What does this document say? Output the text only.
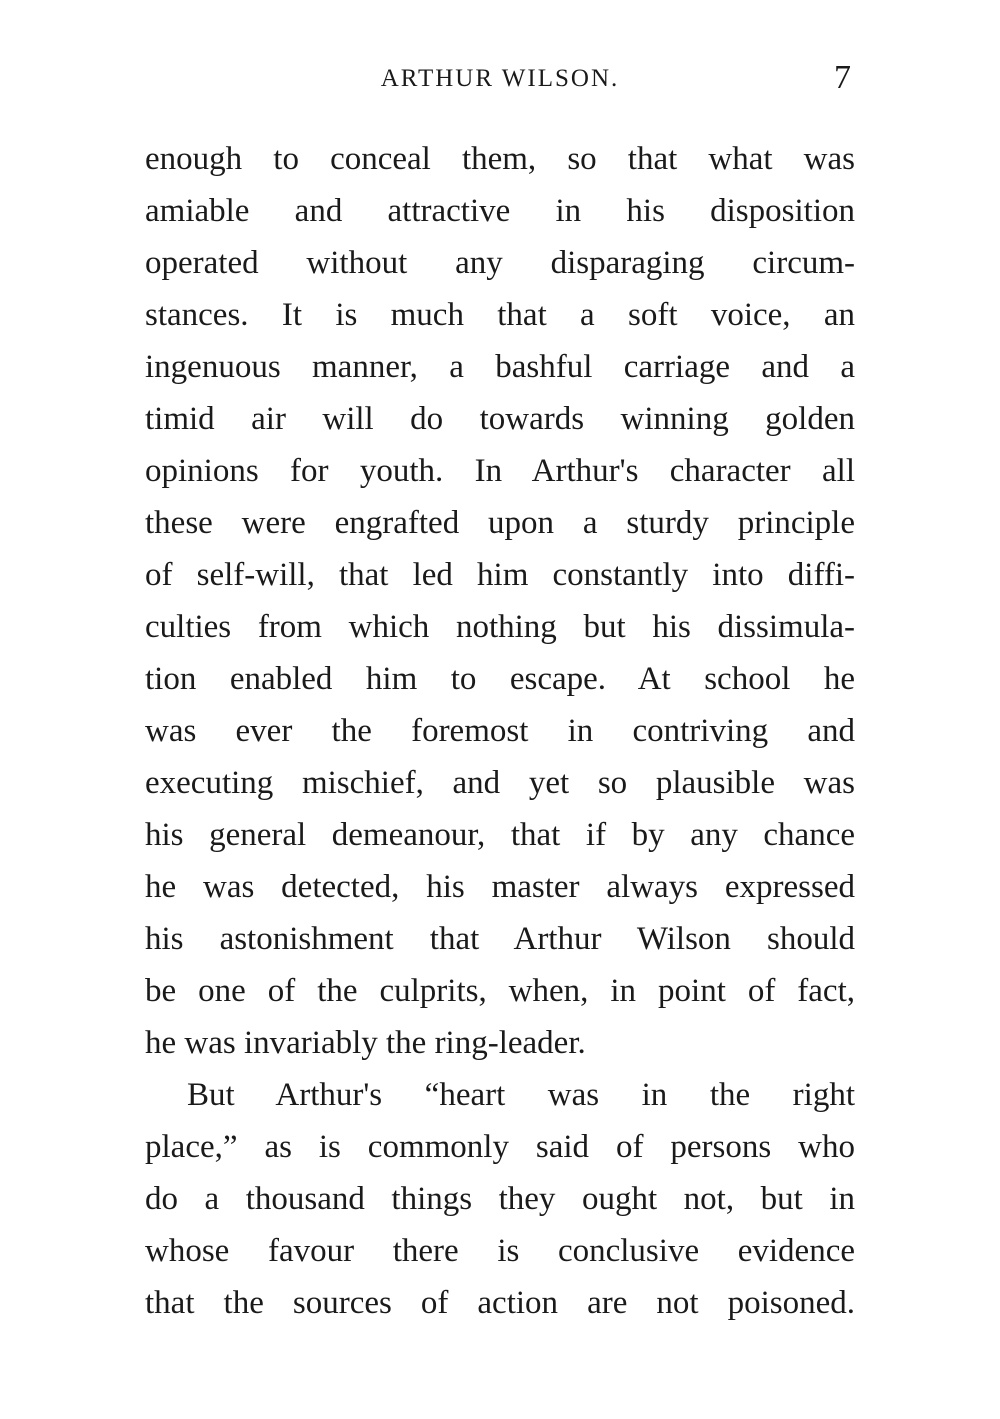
ARTHUR WILSON.	7
enough to conceal them, so that what was
amiable and attractive in his disposition
operated without any disparaging circum-
stances. It is much that a soft voice, an
ingenuous manner, a bashful carriage and a
timid air will do towards winning golden
opinions for youth. In Arthur's character all
these were engrafted upon a sturdy principle
of self-will, that led him constantly into diffi-
culties from which nothing but his dissimula-
tion enabled him to escape. At school he
was ever the foremost in contriving and
executing mischief, and yet so plausible was
his general demeanour, that if by any chance
he was detected, his master always expressed
his astonishment that Arthur Wilson should
be one of the culprits, when, in point of fact,
he was invariably the ring-leader.
But Arthur's “heart was in the right
place,” as is commonly said of persons who
do a thousand things they ought not, but in
whose favour there is conclusive evidence
that the sources of action are not poisoned.
